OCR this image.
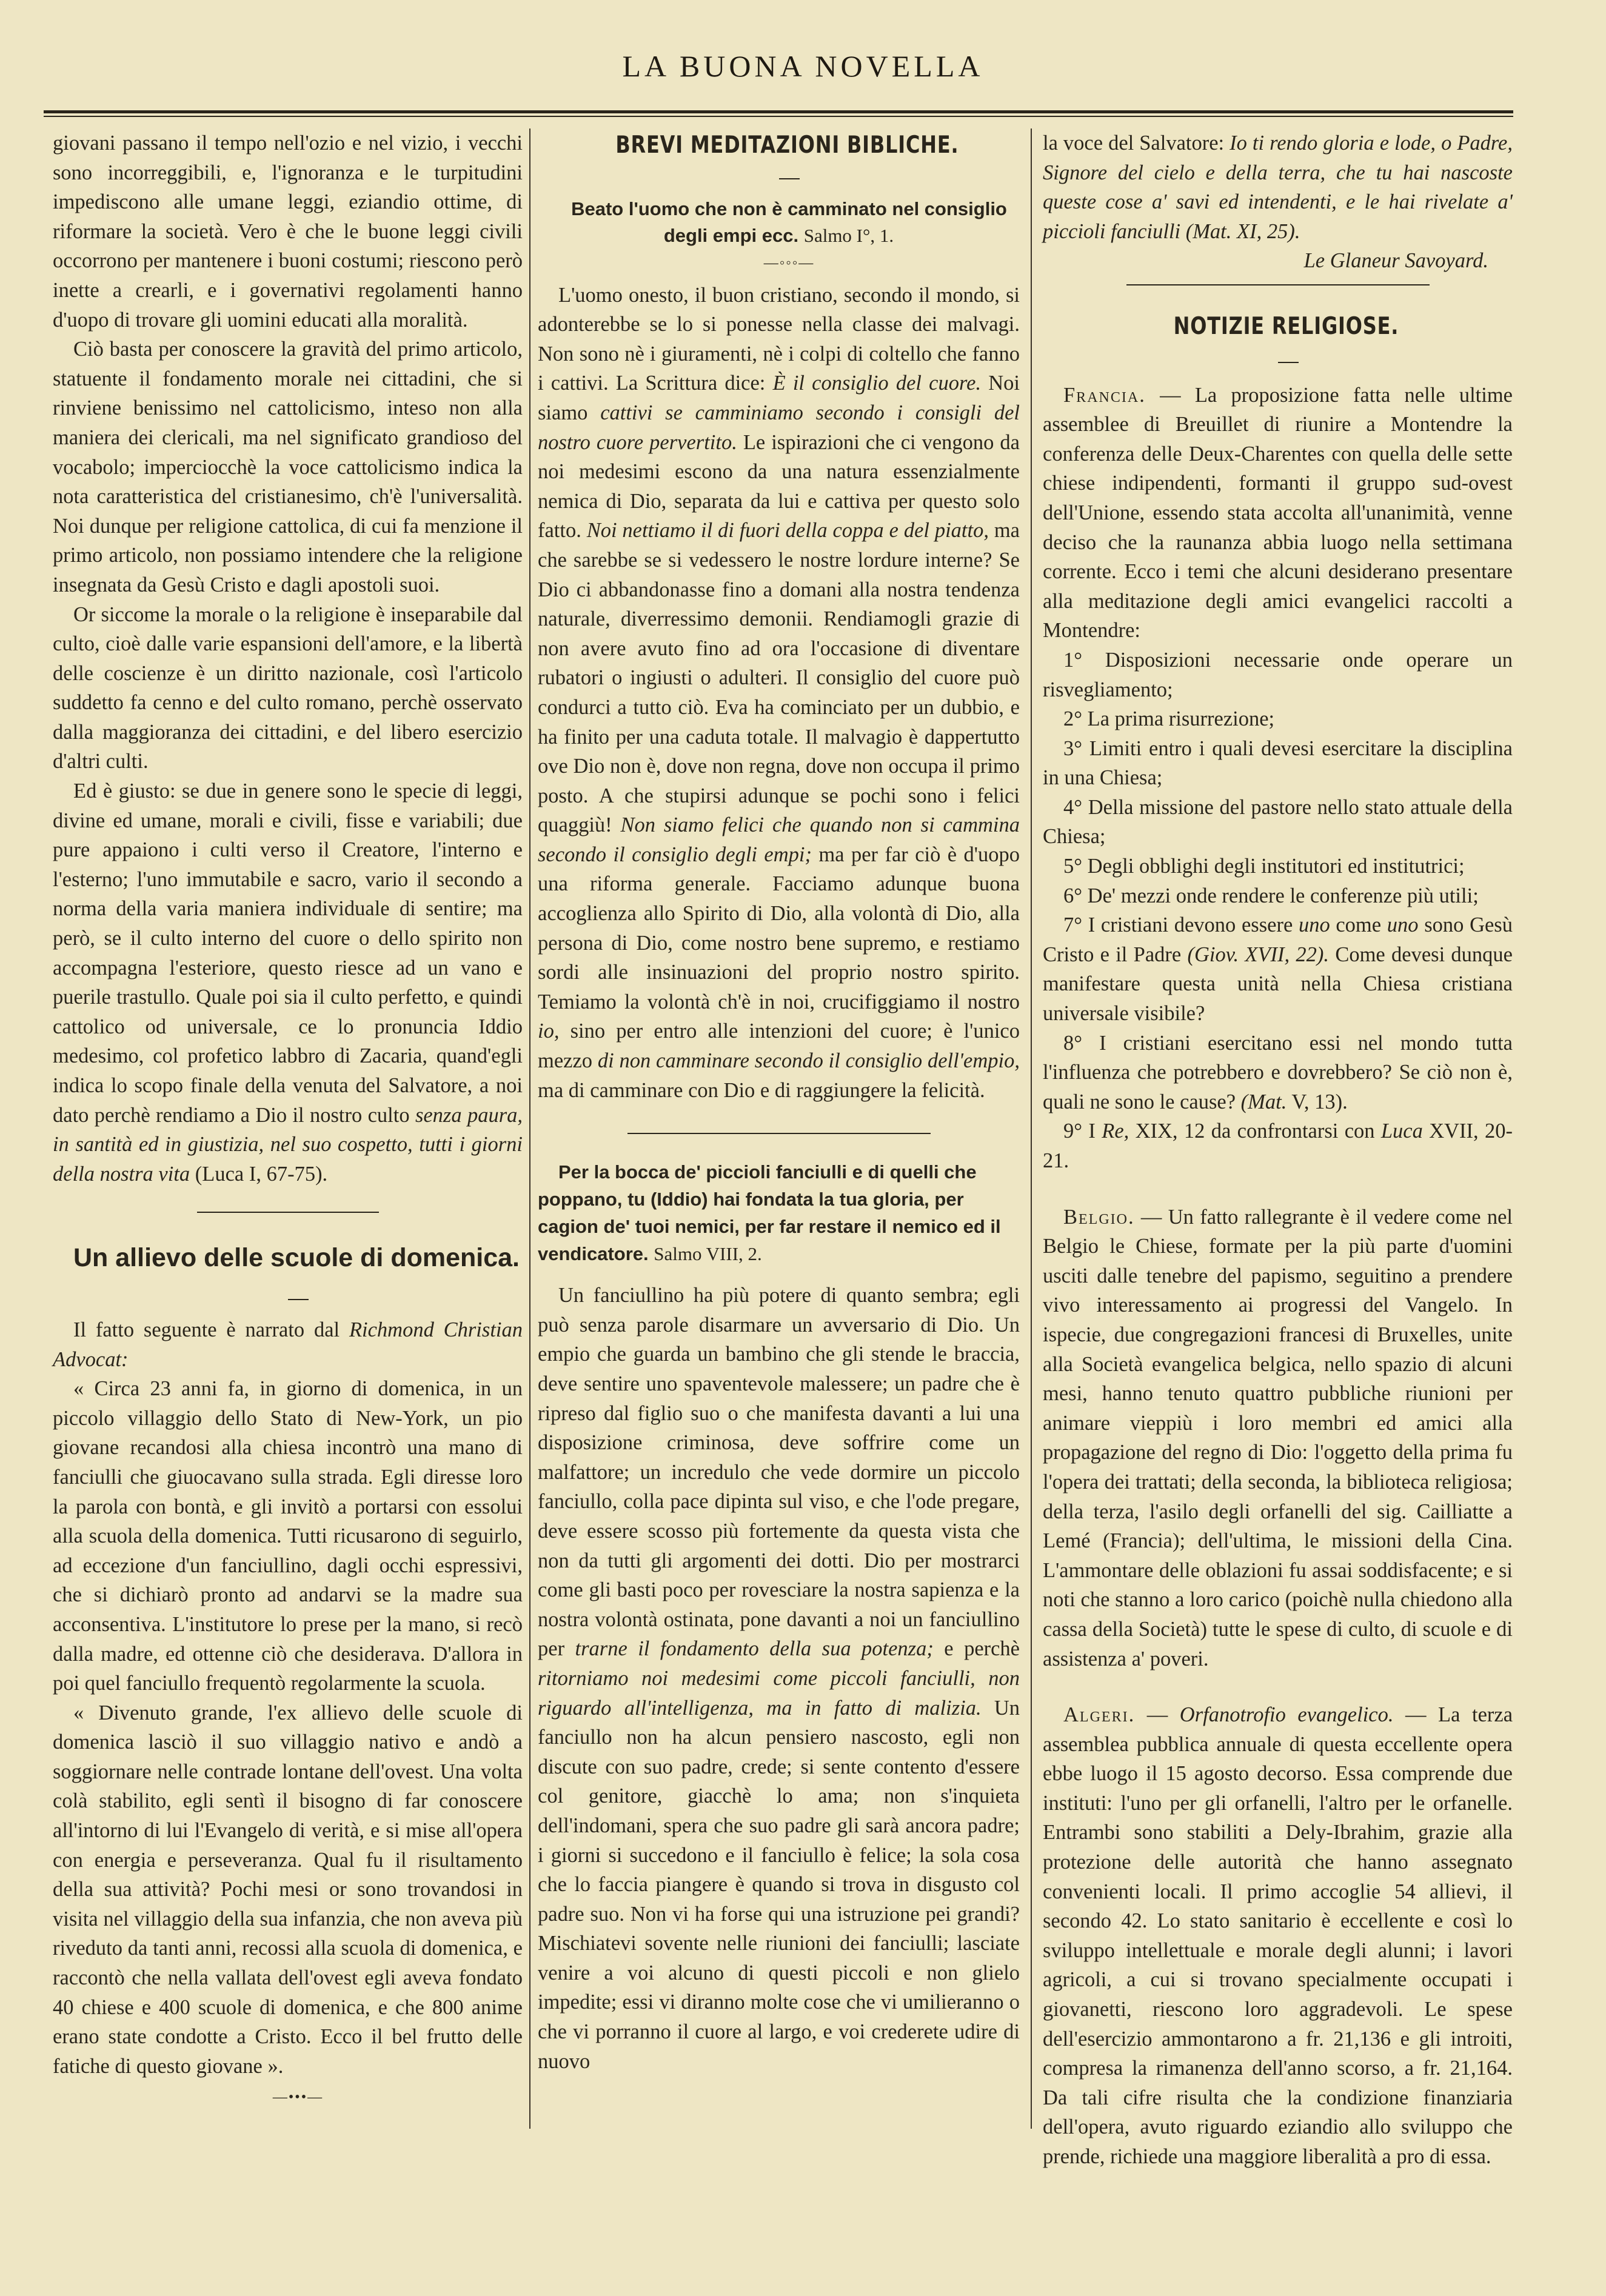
LA BUONA NOVELLA

giovani passano il tempo nell'ozio e nel vizio, i vecchi sono incorreggibili, e, l'ignoranza e le turpitudini impediscono alle umane leggi, eziandio ottime, di riformare la società. Vero è che le buone leggi civili occorrono per mantenere i buoni costumi; riescono però inette a crearli, e i governativi regolamenti hanno d'uopo di trovare gli uomini educati alla moralità.

Ciò basta per conoscere la gravità del primo articolo, statuente il fondamento morale nei cittadini, che si rinviene benissimo nel cattolicismo, inteso non alla maniera dei clericali, ma nel significato grandioso del vocabolo; imperciocchè la voce cattolicismo indica la nota caratteristica del cristianesimo, ch'è l'universalità. Noi dunque per religione cattolica, di cui fa menzione il primo articolo, non possiamo intendere che la religione insegnata da Gesù Cristo e dagli apostoli suoi.

Or siccome la morale o la religione è inseparabile dal culto, cioè dalle varie espansioni dell'amore, e la libertà delle coscienze è un diritto nazionale, così l'articolo suddetto fa cenno e del culto romano, perchè osservato dalla maggioranza dei cittadini, e del libero esercizio d'altri culti.

Ed è giusto: se due in genere sono le specie di leggi, divine ed umane, morali e civili, fisse e variabili; due pure appaiono i culti verso il Creatore, l'interno e l'esterno; l'uno immutabile e sacro, vario il secondo a norma della varia maniera individuale di sentire; ma però, se il culto interno del cuore o dello spirito non accompagna l'esteriore, questo riesce ad un vano e puerile trastullo. Quale poi sia il culto perfetto, e quindi cattolico od universale, ce lo pronuncia Iddio medesimo, col profetico labbro di Zacaria, quand'egli indica lo scopo finale della venuta del Salvatore, a noi dato perchè rendiamo a Dio il nostro culto senza paura, in santità ed in giustizia, nel suo cospetto, tutti i giorni della nostra vita (Luca I, 67-75).

Un allievo delle scuole di domenica.

Il fatto seguente è narrato dal Richmond Christian Advocat:

« Circa 23 anni fa, in giorno di domenica, in un piccolo villaggio dello Stato di New-York, un pio giovane recandosi alla chiesa incontrò una mano di fanciulli che giuocavano sulla strada. Egli diresse loro la parola con bontà, e gli invitò a portarsi con essolui alla scuola della domenica. Tutti ricusarono di seguirlo, ad eccezione d'un fanciullino, dagli occhi espressivi, che si dichiarò pronto ad andarvi se la madre sua acconsentiva. L'institutore lo prese per la mano, si recò dalla madre, ed ottenne ciò che desiderava. D'allora in poi quel fanciullo frequentò regolarmente la scuola.

« Divenuto grande, l'ex allievo delle scuole di domenica lasciò il suo villaggio nativo e andò a soggiornare nelle contrade lontane dell'ovest. Una volta colà stabilito, egli sentì il bisogno di far conoscere all'intorno di lui l'Evangelo di verità, e si mise all'opera con energia e perseveranza. Qual fu il risultamento della sua attività? Pochi mesi or sono trovandosi in visita nel villaggio della sua infanzia, che non aveva più riveduto da tanti anni, recossi alla scuola di domenica, e raccontò che nella vallata dell'ovest egli aveva fondato 40 chiese e 400 scuole di domenica, e che 800 anime erano state condotte a Cristo. Ecco il bel frutto delle fatiche di questo giovane ».

—•••—

BREVI MEDITAZIONI BIBLICHE.

Beato l'uomo che non è camminato nel consiglio degli empi ecc. Salmo I°, 1.

—◦◦◦—

L'uomo onesto, il buon cristiano, secondo il mondo, si adonterebbe se lo si ponesse nella classe dei malvagi. Non sono nè i giuramenti, nè i colpi di coltello che fanno i cattivi. La Scrittura dice: È il consiglio del cuore. Noi siamo cattivi se camminiamo secondo i consigli del nostro cuore pervertito. Le ispirazioni che ci vengono da noi medesimi escono da una natura essenzialmente nemica di Dio, separata da lui e cattiva per questo solo fatto. Noi nettiamo il di fuori della coppa e del piatto, ma che sarebbe se si vedessero le nostre lordure interne? Se Dio ci abbandonasse fino a domani alla nostra tendenza naturale, diverressimo demonii. Rendiamogli grazie di non avere avuto fino ad ora l'occasione di diventare rubatori o ingiusti o adulteri. Il consiglio del cuore può condurci a tutto ciò. Eva ha cominciato per un dubbio, e ha finito per una caduta totale. Il malvagio è dappertutto ove Dio non è, dove non regna, dove non occupa il primo posto. A che stupirsi adunque se pochi sono i felici quaggiù! Non siamo felici che quando non si cammina secondo il consiglio degli empi; ma per far ciò è d'uopo una riforma generale. Facciamo adunque buona accoglienza allo Spirito di Dio, alla volontà di Dio, alla persona di Dio, come nostro bene supremo, e restiamo sordi alle insinuazioni del proprio nostro spirito. Temiamo la volontà ch'è in noi, crucifiggiamo il nostro io, sino per entro alle intenzioni del cuore; è l'unico mezzo di non camminare secondo il consiglio dell'empio, ma di camminare con Dio e di raggiungere la felicità.

Per la bocca de' piccioli fanciulli e di quelli che poppano, tu (Iddio) hai fondata la tua gloria, per cagion de' tuoi nemici, per far restare il nemico ed il vendicatore. Salmo VIII, 2.

Un fanciullino ha più potere di quanto sembra; egli può senza parole disarmare un avversario di Dio. Un empio che guarda un bambino che gli stende le braccia, deve sentire uno spaventevole malessere; un padre che è ripreso dal figlio suo o che manifesta davanti a lui una disposizione criminosa, deve soffrire come un malfattore; un incredulo che vede dormire un piccolo fanciullo, colla pace dipinta sul viso, e che l'ode pregare, deve essere scosso più fortemente da questa vista che non da tutti gli argomenti dei dotti. Dio per mostrarci come gli basti poco per rovesciare la nostra sapienza e la nostra volontà ostinata, pone davanti a noi un fanciullino per trarne il fondamento della sua potenza; e perchè ritorniamo noi medesimi come piccoli fanciulli, non riguardo all'intelligenza, ma in fatto di malizia. Un fanciullo non ha alcun pensiero nascosto, egli non discute con suo padre, crede; si sente contento d'essere col genitore, giacchè lo ama; non s'inquieta dell'indomani, spera che suo padre gli sarà ancora padre; i giorni si succedono e il fanciullo è felice; la sola cosa che lo faccia piangere è quando si trova in disgusto col padre suo. Non vi ha forse qui una istruzione pei grandi? Mischiatevi sovente nelle riunioni dei fanciulli; lasciate venire a voi alcuno di questi piccoli e non glielo impedite; essi vi diranno molte cose che vi umilieranno o che vi porranno il cuore al largo, e voi crederete udire di nuovo

la voce del Salvatore: Io ti rendo gloria e lode, o Padre, Signore del cielo e della terra, che tu hai nascoste queste cose a' savi ed intendenti, e le hai rivelate a' piccioli fanciulli (Mat. XI, 25).

Le Glaneur Savoyard.

NOTIZIE RELIGIOSE.

Francia. — La proposizione fatta nelle ultime assemblee di Breuillet di riunire a Montendre la conferenza delle Deux-Charentes con quella delle sette chiese indipendenti, formanti il gruppo sud-ovest dell'Unione, essendo stata accolta all'unanimità, venne deciso che la raunanza abbia luogo nella settimana corrente. Ecco i temi che alcuni desiderano presentare alla meditazione degli amici evangelici raccolti a Montendre:

1° Disposizioni necessarie onde operare un risvegliamento;

2° La prima risurrezione;

3° Limiti entro i quali devesi esercitare la disciplina in una Chiesa;

4° Della missione del pastore nello stato attuale della Chiesa;

5° Degli obblighi degli institutori ed institutrici;

6° De' mezzi onde rendere le conferenze più utili;

7° I cristiani devono essere uno come uno sono Gesù Cristo e il Padre (Giov. XVII, 22). Come devesi dunque manifestare questa unità nella Chiesa cristiana universale visibile?

8° I cristiani esercitano essi nel mondo tutta l'influenza che potrebbero e dovrebbero? Se ciò non è, quali ne sono le cause? (Mat. V, 13).

9° I Re, XIX, 12 da confrontarsi con Luca XVII, 20-21.

Belgio. — Un fatto rallegrante è il vedere come nel Belgio le Chiese, formate per la più parte d'uomini usciti dalle tenebre del papismo, seguitino a prendere vivo interessamento ai progressi del Vangelo. In ispecie, due congregazioni francesi di Bruxelles, unite alla Società evangelica belgica, nello spazio di alcuni mesi, hanno tenuto quattro pubbliche riunioni per animare vieppiù i loro membri ed amici alla propagazione del regno di Dio: l'oggetto della prima fu l'opera dei trattati; della seconda, la biblioteca religiosa; della terza, l'asilo degli orfanelli del sig. Cailliatte a Lemé (Francia); dell'ultima, le missioni della Cina. L'ammontare delle oblazioni fu assai soddisfacente; e si noti che stanno a loro carico (poichè nulla chiedono alla cassa della Società) tutte le spese di culto, di scuole e di assistenza a' poveri.

Algeri. — Orfanotrofio evangelico. — La terza assemblea pubblica annuale di questa eccellente opera ebbe luogo il 15 agosto decorso. Essa comprende due instituti: l'uno per gli orfanelli, l'altro per le orfanelle. Entrambi sono stabiliti a Dely-Ibrahim, grazie alla protezione delle autorità che hanno assegnato convenienti locali. Il primo accoglie 54 allievi, il secondo 42. Lo stato sanitario è eccellente e così lo sviluppo intellettuale e morale degli alunni; i lavori agricoli, a cui si trovano specialmente occupati i giovanetti, riescono loro aggradevoli. Le spese dell'esercizio ammontarono a fr. 21,136 e gli introiti, compresa la rimanenza dell'anno scorso, a fr. 21,164. Da tali cifre risulta che la condizione finanziaria dell'opera, avuto riguardo eziandio allo sviluppo che prende, richiede una maggiore liberalità a pro di essa.
